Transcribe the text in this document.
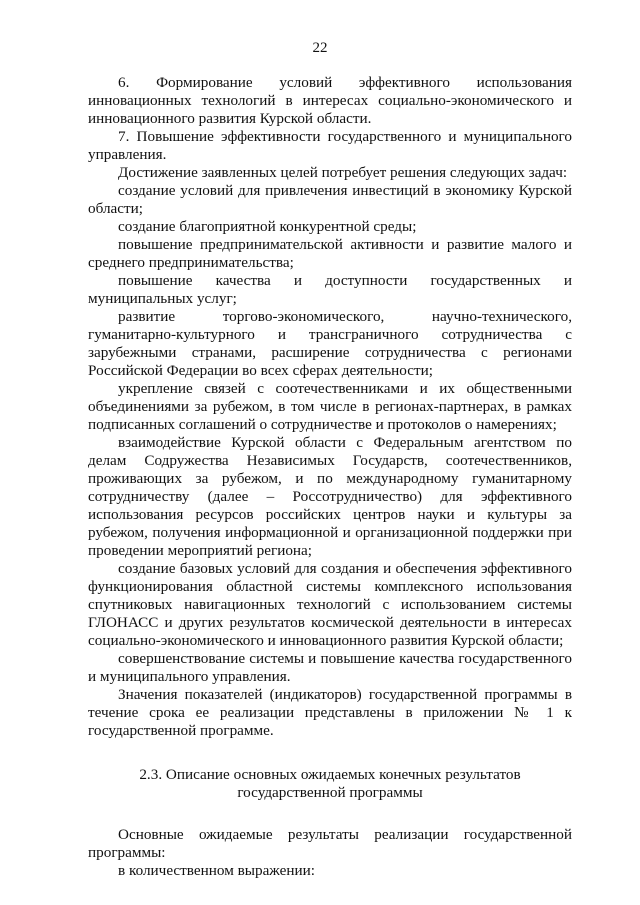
22

6. Формирование условий эффективного использования инновационных технологий в интересах социально-экономического и инновационного развития Курской области.

7. Повышение эффективности государственного и муниципального управления.

Достижение заявленных целей потребует решения следующих задач:

создание условий для привлечения инвестиций в экономику Курской области;

создание благоприятной конкурентной среды;

повышение предпринимательской активности и развитие малого и среднего предпринимательства;

повышение качества и доступности государственных и муниципальных услуг;

развитие торгово-экономического, научно-технического, гуманитарно-культурного и трансграничного сотрудничества с зарубежными странами, расширение сотрудничества с регионами Российской Федерации во всех сферах деятельности;

укрепление связей с соотечественниками и их общественными объединениями за рубежом, в том числе в регионах-партнерах, в рамках подписанных соглашений о сотрудничестве и протоколов о намерениях;

взаимодействие Курской области с Федеральным агентством по делам Содружества Независимых Государств, соотечественников, проживающих за рубежом, и по международному гуманитарному сотрудничеству (далее – Россотрудничество) для эффективного использования ресурсов российских центров науки и культуры за рубежом, получения информационной и организационной поддержки при проведении мероприятий региона;

создание базовых условий для создания и обеспечения эффективного функционирования областной системы комплексного использования спутниковых навигационных технологий с использованием системы ГЛОНАСС и других результатов космической деятельности в интересах социально-экономического и инновационного развития Курской области;

совершенствование системы и повышение качества государственного и муниципального управления.

Значения показателей (индикаторов) государственной программы в течение срока ее реализации представлены в приложении № 1 к государственной программе.

2.3. Описание основных ожидаемых конечных результатов
государственной программы

Основные ожидаемые результаты реализации государственной программы:

в количественном выражении:
